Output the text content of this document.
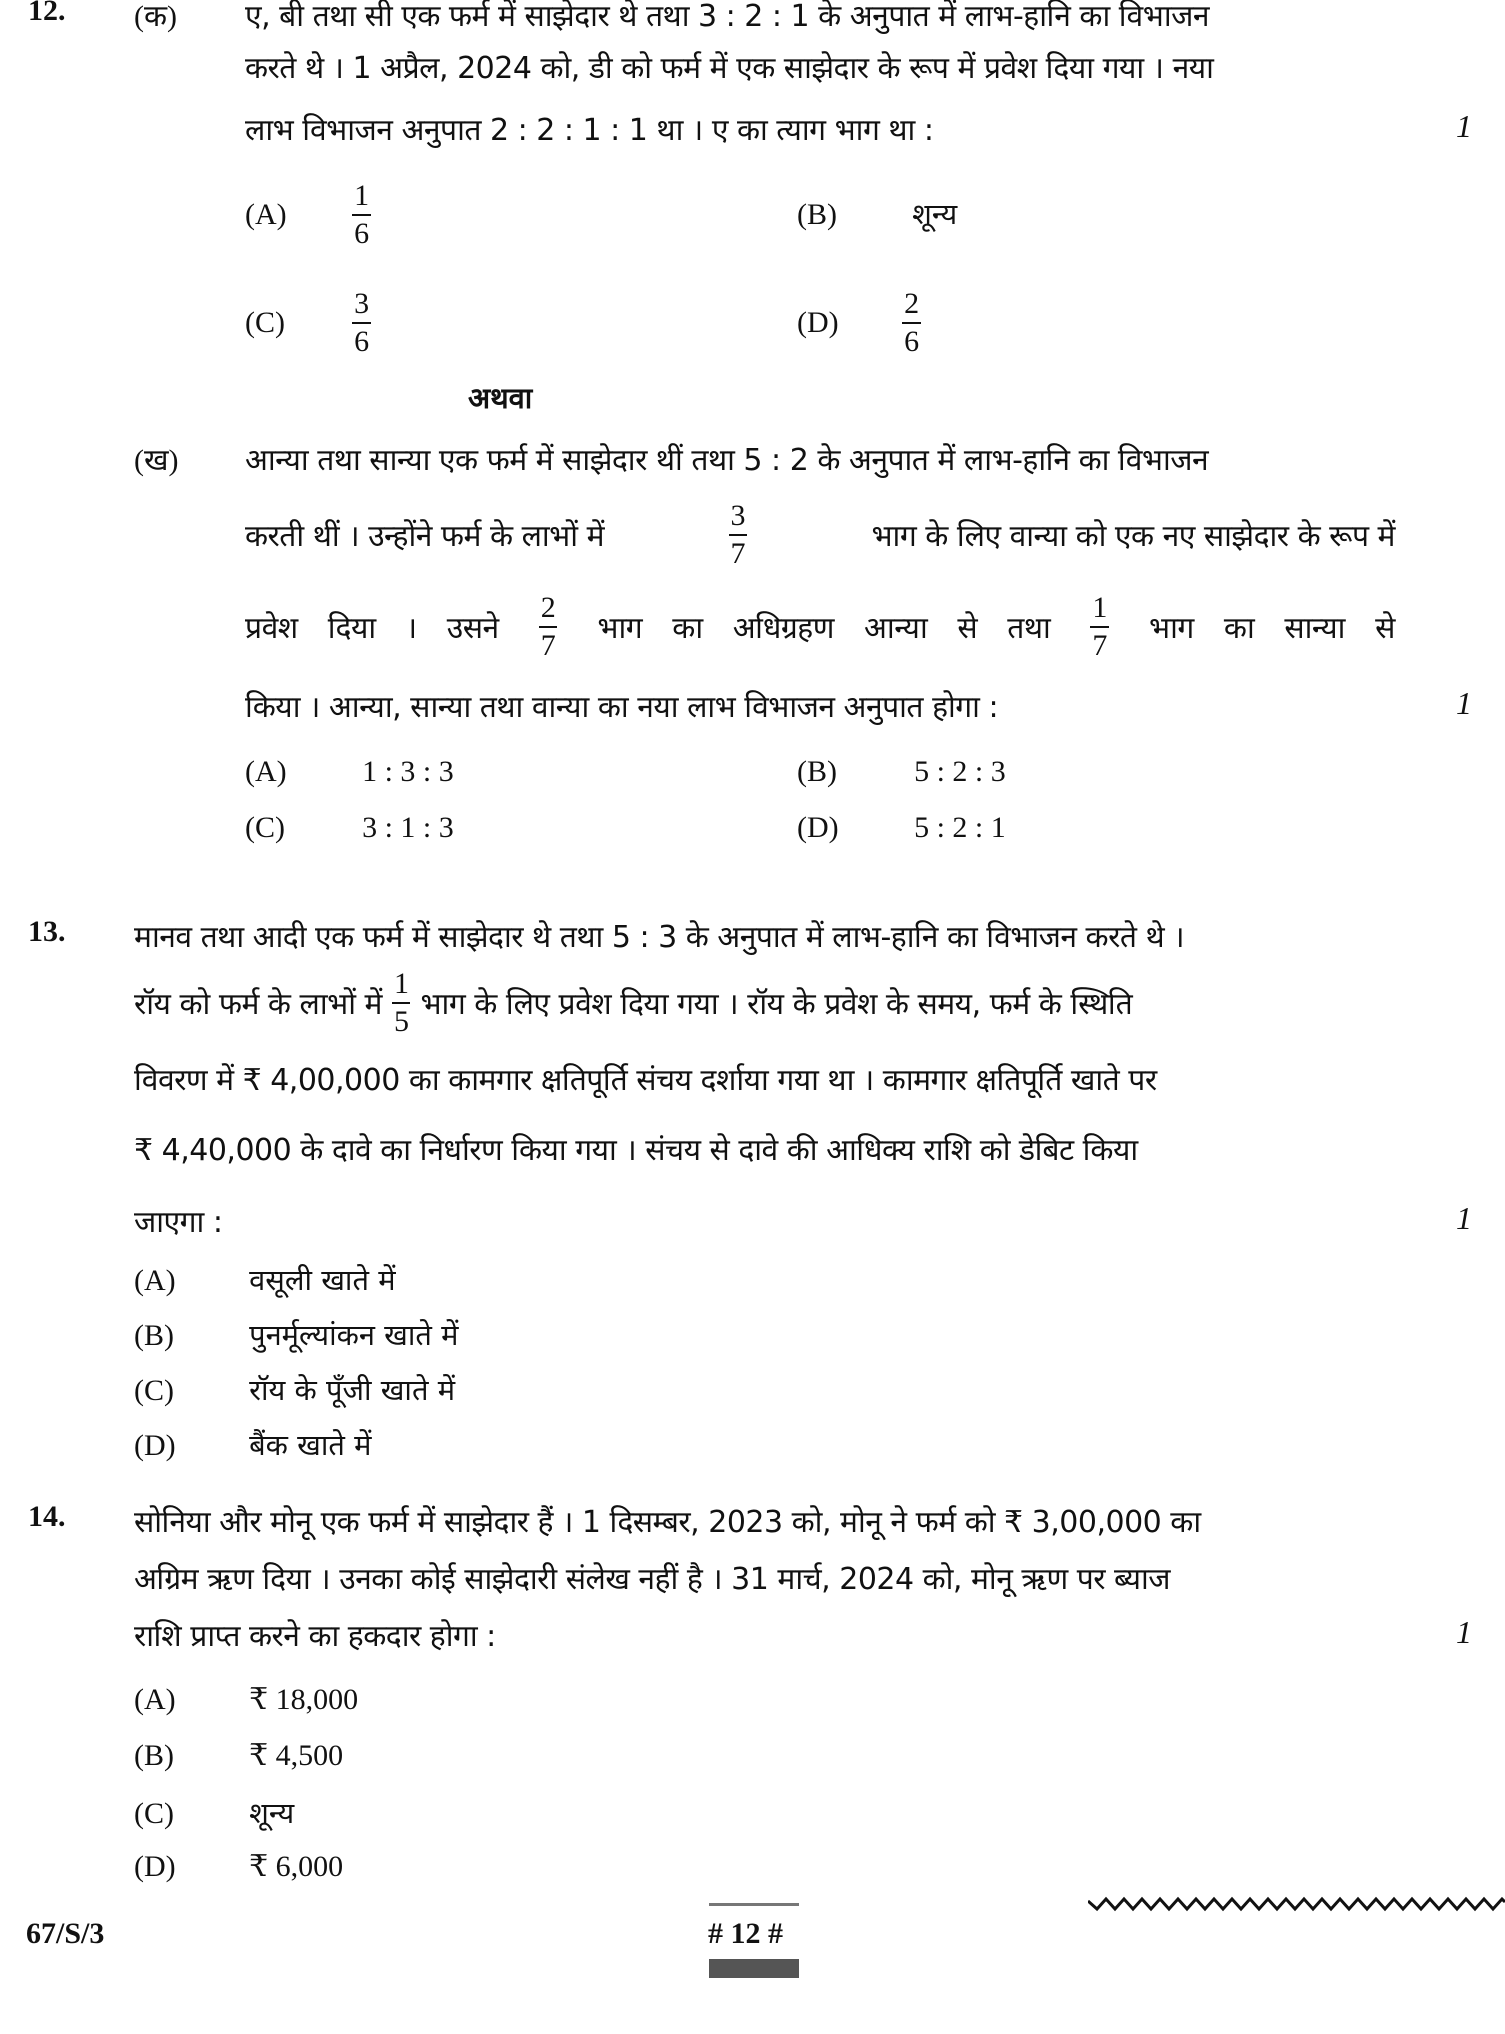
12. (क) ए, बी तथा सी एक फर्म में साझेदार थे तथा 3 : 2 : 1 के अनुपात में लाभ-हानि का विभाजन
करते थे । 1 अप्रैल, 2024 को, डी को फर्म में एक साझेदार के रूप में प्रवेश दिया गया । नया
लाभ विभाजन अनुपात 2 : 2 : 1 : 1 था । ए का त्याग भाग था :	1
$(A) \frac{1}{6}$	(B)	शून्य
$(C) \frac{3}{6}$	$(D) \frac{2}{6}$
अथवा
(ख) आन्या तथा सान्या एक फर्म में साझेदार थीं तथा 5 : 2 के अनुपात में लाभ-हानि का विभाजन
करती थीं । उन्होंने फर्म के लाभों में	$\frac{3}{7}$	भाग के लिए वान्या को एक नए साझेदार के रूप में
प्रवेश दिया । उसने $\frac{2}{7}$ भाग का अधिग्रहण आन्या से तथा $\frac{1}{7}$ भाग का सान्या से
किया । आन्या, सान्या तथा वान्या का नया लाभ विभाजन अनुपात होगा :	1
(A)	1 : 3 : 3	(B)	5 : 2 : 3
(C)	3 : 1 : 3	(D)	5 : 2 : 1
13. मानव तथा आदी एक फर्म में साझेदार थे तथा 5 : 3 के अनुपात में लाभ-हानि का विभाजन करते थे ।
रॉय को फर्म के लाभों में $\frac{1}{5}$ भाग के लिए प्रवेश दिया गया । रॉय के प्रवेश के समय, फर्म के स्थिति
विवरण में ₹ 4,00,000 का कामगार क्षतिपूर्ति संचय दर्शाया गया था । कामगार क्षतिपूर्ति खाते पर
₹ 4,40,000 के दावे का निर्धारण किया गया । संचय से दावे की आधिक्य राशि को डेबिट किया
जाएगा :	1
(A)	वसूली खाते में
(B)	पुनर्मूल्यांकन खाते में
(C)	रॉय के पूँजी खाते में
(D)	बैंक खाते में
14. सोनिया और मोनू एक फर्म में साझेदार हैं । 1 दिसम्बर, 2023 को, मोनू ने फर्म को ₹ 3,00,000 का
अग्रिम ऋण दिया । उनका कोई साझेदारी संलेख नहीं है । 31 मार्च, 2024 को, मोनू ऋण पर ब्याज
राशि प्राप्त करने का हकदार होगा :	1
(A) ₹ 18,000
(B)	₹ 4,500
(C)	शून्य
(D) ₹ 6,000
67/S/3	# 12 #
